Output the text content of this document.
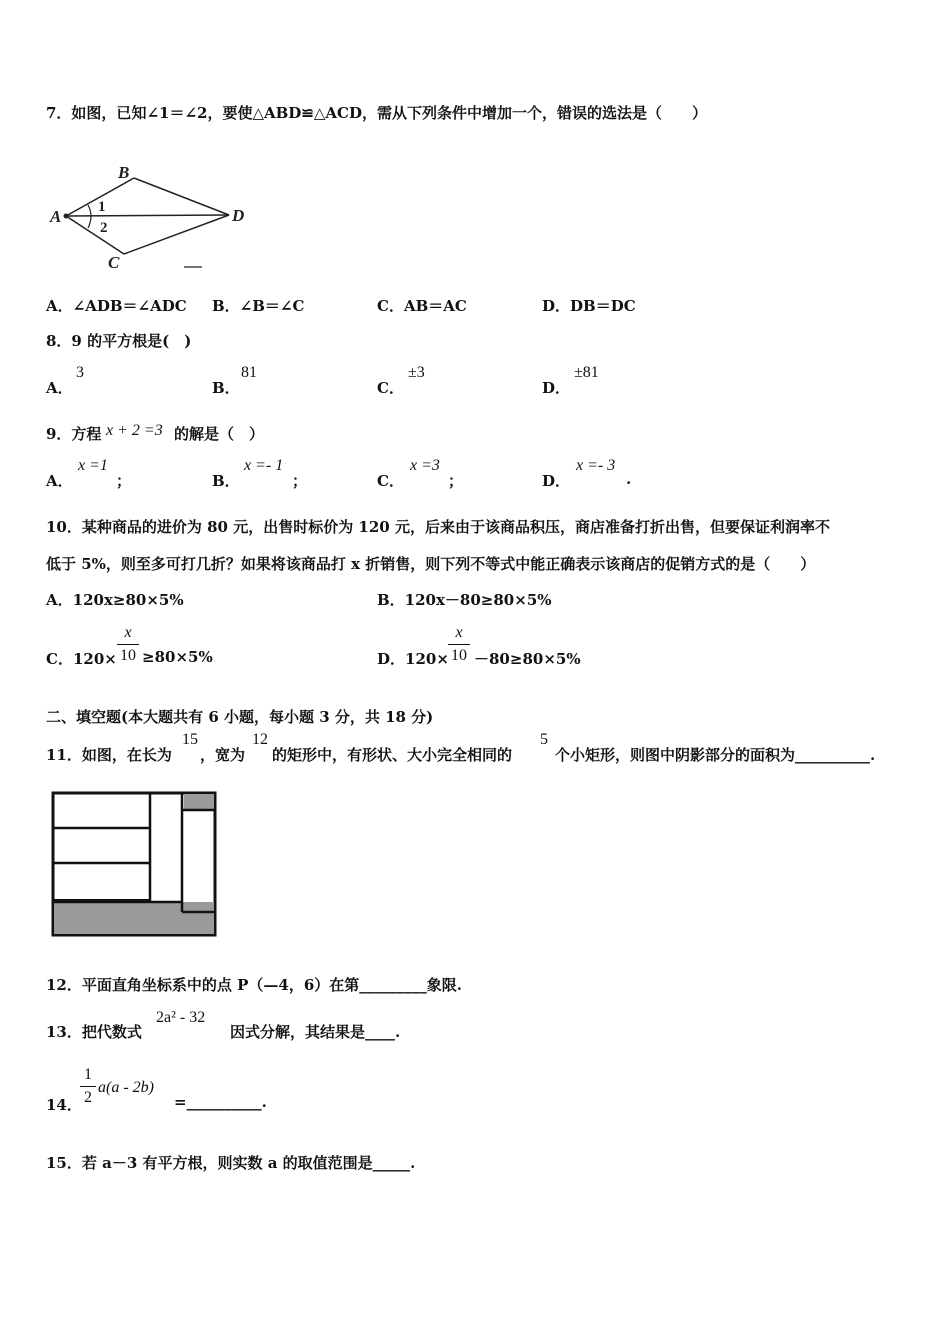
7．如图，已知∠1＝∠2，要使△ABD≌△ACD，需从下列条件中增加一个，错误的选法是（　　）
B
A	D
C
1
2
A．∠ADB＝∠ADC B．∠B＝∠C	C．AB＝AC	D．DB＝DC
8．9 的平方根是(　)
A．
3
B．
81
C．
±3
D．
±81
9．方程 x + 2 =3 的解是（　）
A．
x =1
；	B．
x =- 1
；	C．
x =3
；	D．
x =- 3
.
10．某种商品的进价为 80 元，出售时标价为 120 元，后来由于该商品积压，商店准备打折出售，但要保证利润率不
低于 5%，则至多可打几折？如果将该商品打 x 折销售，则下列不等式中能正确表示该商店的促销方式的是（　　）
A．120x≥80×5%	B．120x－80≥80×5%
C．120×
x
10 ≥80×5%	D．120×
x
10 －80≥80×5%
二、填空题(本大题共有 6 小题，每小题 3 分，共 18 分)
11．如图，在长为
15
，宽为
12
的矩形中，有形状、大小完全相同的
5
个小矩形，则图中阴影部分的面积为__________.
12．平面直角坐标系中的点 P（—4，6）在第_________象限.
13．把代数式
2a² - 32
因式分解，其结果是____.
14．
1
2
a(a - 2b)
=__________.
15．若 a－3 有平方根，则实数 a 的取值范围是_____.
